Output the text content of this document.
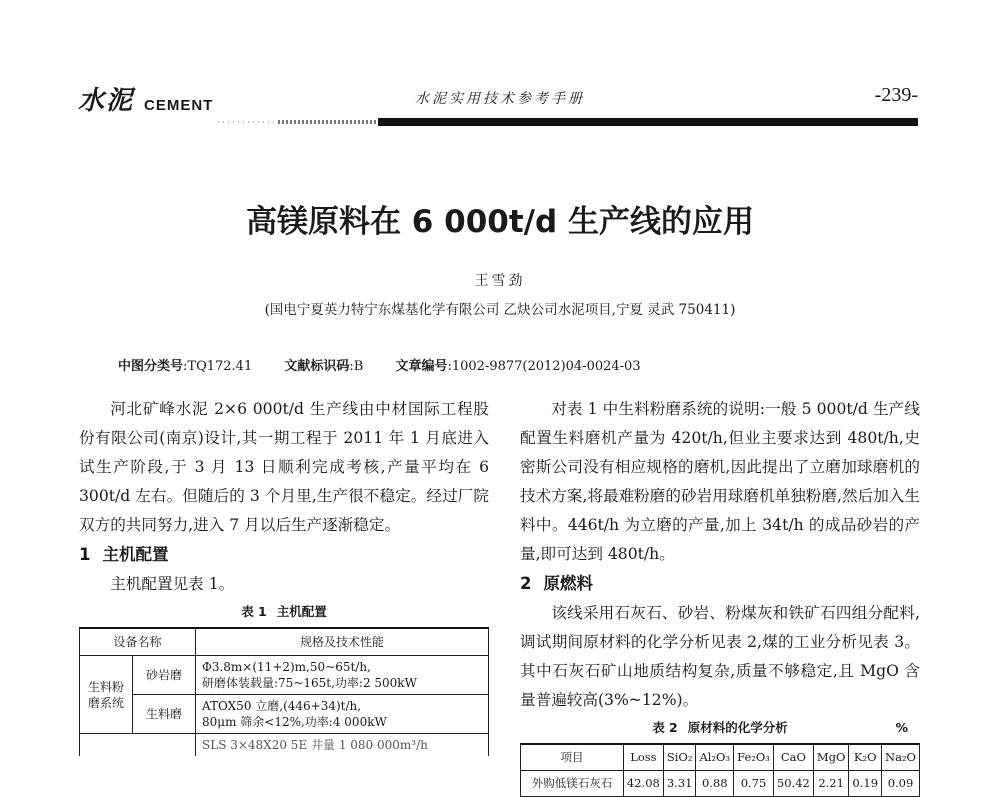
水泥 CEMENT	水泥实用技术参考手册	-239-
高镁原料在 6 000t/d 生产线的应用
王雪劲
(国电宁夏英力特宁东煤基化学有限公司 乙炔公司水泥项目,宁夏 灵武 750411)
中图分类号:TQ172.41 文献标识码:B 文章编号:1002-9877(2012)04-0024-03

河北矿峰水泥 2×6 000t/d 生产线由中材国际工程股份有限公司(南京)设计,其一期工程于 2011 年 1 月底进入试生产阶段,于 3 月 13 日顺利完成考核,产量平均在 6 300t/d 左右。但随后的 3 个月里,生产很不稳定。经过厂院双方的共同努力,进入 7 月以后生产逐渐稳定。

1 主机配置

主机配置见表 1。

表 1 主机配置
设备名称		规格及技术性能
生料粉磨系统	砂岩磨	Φ3.8m×(11+2)m,50~65t/h,
研磨体装载量:75~165t,功率:2 500kW

	生料磨	ATOX50 立磨,(446+34)t/h,
80μm 筛余<12%,功率:4 000kW

		SLS 3×48X20 5E 井量 1 080 000m³/h

对表 1 中生料粉磨系统的说明:一般 5 000t/d 生产线配置生料磨机产量为 420t/h,但业主要求达到 480t/h,史密斯公司没有相应规格的磨机,因此提出了立磨加球磨机的技术方案,将最难粉磨的砂岩用球磨机单独粉磨,然后加入生料中。446t/h 为立磨的产量,加上 34t/h 的成品砂岩的产量,即可达到 480t/h。

2 原燃料

该线采用石灰石、砂岩、粉煤灰和铁矿石四组分配料,调试期间原材料的化学分析见表 2,煤的工业分析见表 3。其中石灰石矿山地质结构复杂,质量不够稳定,且 MgO 含量普遍较高(3%~12%)。

表 2 原材料的化学分析	%
项目	Loss	SiO₂	Al₂O₃	Fe₂O₃	CaO	MgO	K₂O	Na₂O
外购低镁石灰石	42.08	3.31	0.88	0.75	50.42	2.21	0.19	0.09
